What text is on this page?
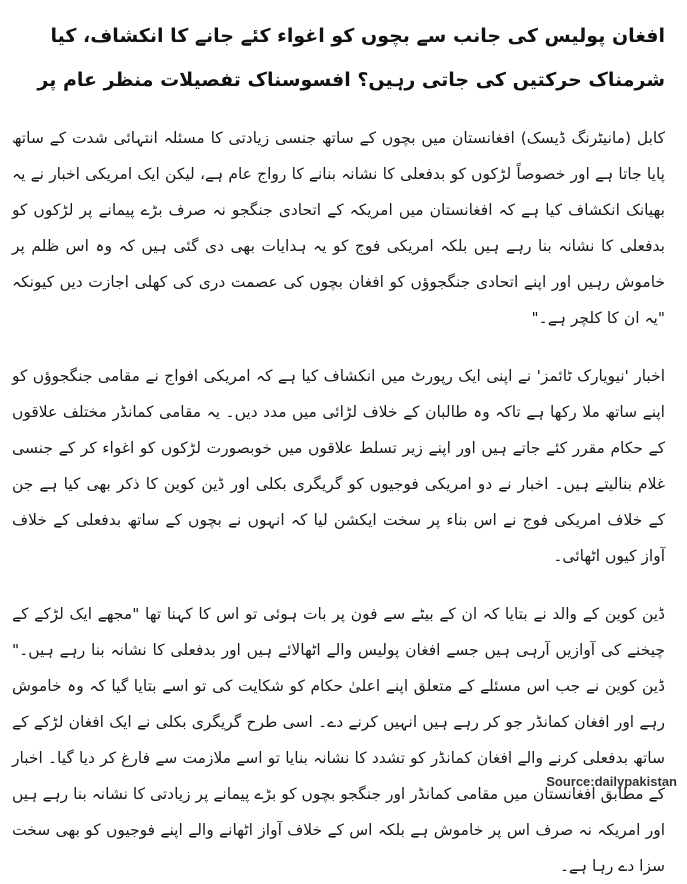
افغان پولیس کی جانب سے بچوں کو اغواء کئے جانے کا انکشاف، کیا شرمناک حرکتیں کی جاتی رہیں؟ افسوسناک تفصیلات منظر عام پر

کابل (مانیٹرنگ ڈیسک) افغانستان میں بچوں کے ساتھ جنسی زیادتی کا مسئلہ انتہائی شدت کے ساتھ پایا جاتا ہے اور خصوصاً لڑکوں کو بدفعلی کا نشانہ بنانے کا رواج عام ہے، لیکن ایک امریکی اخبار نے یہ بھیانک انکشاف کیا ہے کہ افغانستان میں امریکہ کے اتحادی جنگجو نہ صرف بڑے پیمانے پر لڑکوں کو بدفعلی کا نشانہ بنا رہے ہیں بلکہ امریکی فوج کو یہ ہدایات بھی دی گئی ہیں کہ وہ اس ظلم پر خاموش رہیں اور اپنے اتحادی جنگجوؤں کو افغان بچوں کی عصمت دری کی کھلی اجازت دیں کیونکہ "یہ ان کا کلچر ہے۔"

اخبار 'نیویارک ٹائمز' نے اپنی ایک رپورٹ میں انکشاف کیا ہے کہ امریکی افواج نے مقامی جنگجوؤں کو اپنے ساتھ ملا رکھا ہے تاکہ وہ طالبان کے خلاف لڑائی میں مدد دیں۔ یہ مقامی کمانڈر مختلف علاقوں کے حکام مقرر کئے جاتے ہیں اور اپنے زیر تسلط علاقوں میں خوبصورت لڑکوں کو اغواء کر کے جنسی غلام بنالیتے ہیں۔ اخبار نے دو امریکی فوجیوں کو گریگری بکلی اور ڈین کوین کا ذکر بھی کیا ہے جن کے خلاف امریکی فوج نے اس بناء پر سخت ایکشن لیا کہ انہوں نے بچوں کے ساتھ بدفعلی کے خلاف آواز کیوں اٹھائی۔

ڈین کوین کے والد نے بتایا کہ ان کے بیٹے سے فون پر بات ہوئی تو اس کا کہنا تھا "مجھے ایک لڑکے کے چیخنے کی آوازیں آرہی ہیں جسے افغان پولیس والے اٹھالائے ہیں اور بدفعلی کا نشانہ بنا رہے ہیں۔" ڈین کوین نے جب اس مسئلے کے متعلق اپنے اعلیٰ حکام کو شکایت کی تو اسے بتایا گیا کہ وہ خاموش رہے اور افغان کمانڈر جو کر رہے ہیں انہیں کرنے دے۔ اسی طرح گریگری بکلی نے ایک افغان لڑکے کے ساتھ بدفعلی کرنے والے افغان کمانڈر کو تشدد کا نشانہ بنایا تو اسے ملازمت سے فارغ کر دیا گیا۔ اخبار کے مطابق افغانستان میں مقامی کمانڈر اور جنگجو بچوں کو بڑے پیمانے پر زیادتی کا نشانہ بنا رہے ہیں اور امریکہ نہ صرف اس پر خاموش ہے بلکہ اس کے خلاف آواز اٹھانے والے اپنے فوجیوں کو بھی سخت سزا دے رہا ہے۔

Source:dailypakistan
